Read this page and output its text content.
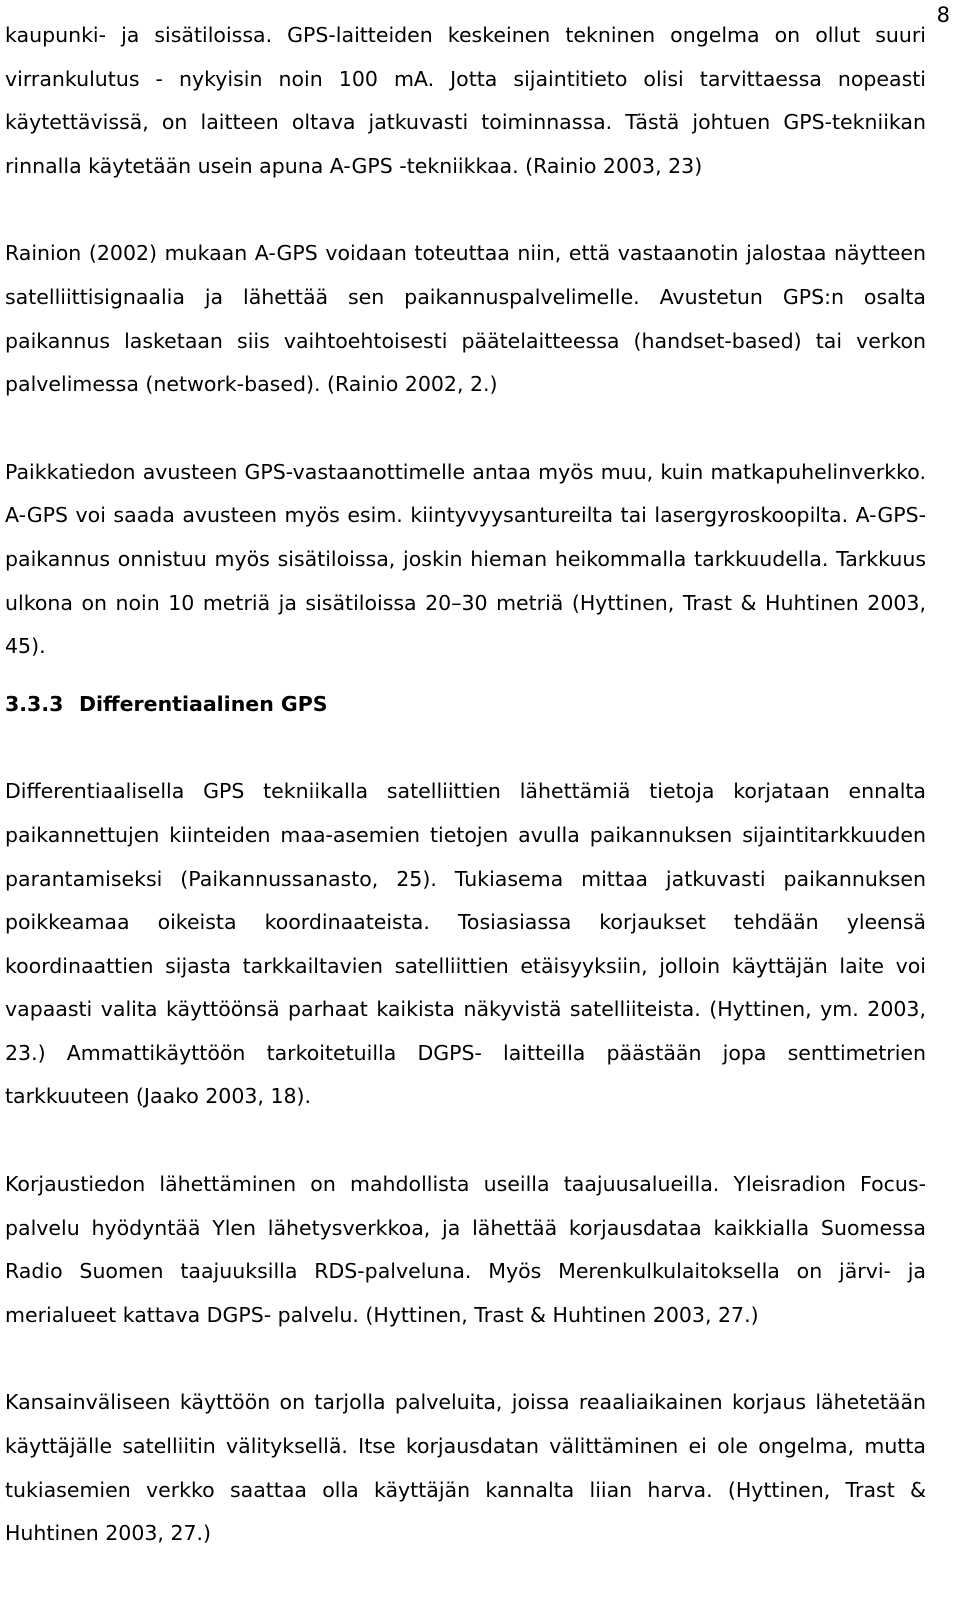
8

kaupunki- ja sisätiloissa. GPS-laitteiden keskeinen tekninen ongelma on ollut suuri virrankulutus - nykyisin noin 100 mA. Jotta sijaintitieto olisi tarvittaessa nopeasti käytettävissä, on laitteen oltava jatkuvasti toiminnassa. Tästä johtuen GPS-tekniikan rinnalla käytetään usein apuna A-GPS -tekniikkaa. (Rainio 2003, 23)

Rainion (2002) mukaan A-GPS voidaan toteuttaa niin, että vastaanotin jalostaa näytteen satelliittisignaalia ja lähettää sen paikannuspalvelimelle. Avustetun GPS:n osalta paikannus lasketaan siis vaihtoehtoisesti päätelaitteessa (handset-based) tai verkon palvelimessa (network-based). (Rainio 2002, 2.)

Paikkatiedon avusteen GPS-vastaanottimelle antaa myös muu, kuin matkapuhelinverkko. A-GPS voi saada avusteen myös esim. kiintyvyysantureilta tai lasergyroskoopilta. A-GPS-paikannus onnistuu myös sisätiloissa, joskin hieman heikommalla tarkkuudella. Tarkkuus ulkona on noin 10 metriä ja sisätiloissa 20–30 metriä (Hyttinen, Trast & Huhtinen 2003, 45).

3.3.3 Differentiaalinen GPS

Differentiaalisella GPS tekniikalla satelliittien lähettämiä tietoja korjataan ennalta paikannettujen kiinteiden maa-asemien tietojen avulla paikannuksen sijaintitarkkuuden parantamiseksi (Paikannussanasto, 25). Tukiasema mittaa jatkuvasti paikannuksen poikkeamaa oikeista koordinaateista. Tosiasiassa korjaukset tehdään yleensä koordinaattien sijasta tarkkailtavien satelliittien etäisyyksiin, jolloin käyttäjän laite voi vapaasti valita käyttöönsä parhaat kaikista näkyvistä satelliiteista. (Hyttinen, ym. 2003, 23.) Ammattikäyttöön tarkoitetuilla DGPS- laitteilla päästään jopa senttimetrien tarkkuuteen (Jaako 2003, 18).

Korjaustiedon lähettäminen on mahdollista useilla taajuusalueilla. Yleisradion Focus-palvelu hyödyntää Ylen lähetysverkkoa, ja lähettää korjausdataa kaikkialla Suomessa Radio Suomen taajuuksilla RDS-palveluna. Myös Merenkulkulaitoksella on järvi- ja merialueet kattava DGPS- palvelu. (Hyttinen, Trast & Huhtinen 2003, 27.)

Kansainväliseen käyttöön on tarjolla palveluita, joissa reaaliaikainen korjaus lähetetään käyttäjälle satelliitin välityksellä. Itse korjausdatan välittäminen ei ole ongelma, mutta tukiasemien verkko saattaa olla käyttäjän kannalta liian harva. (Hyttinen, Trast & Huhtinen 2003, 27.)
